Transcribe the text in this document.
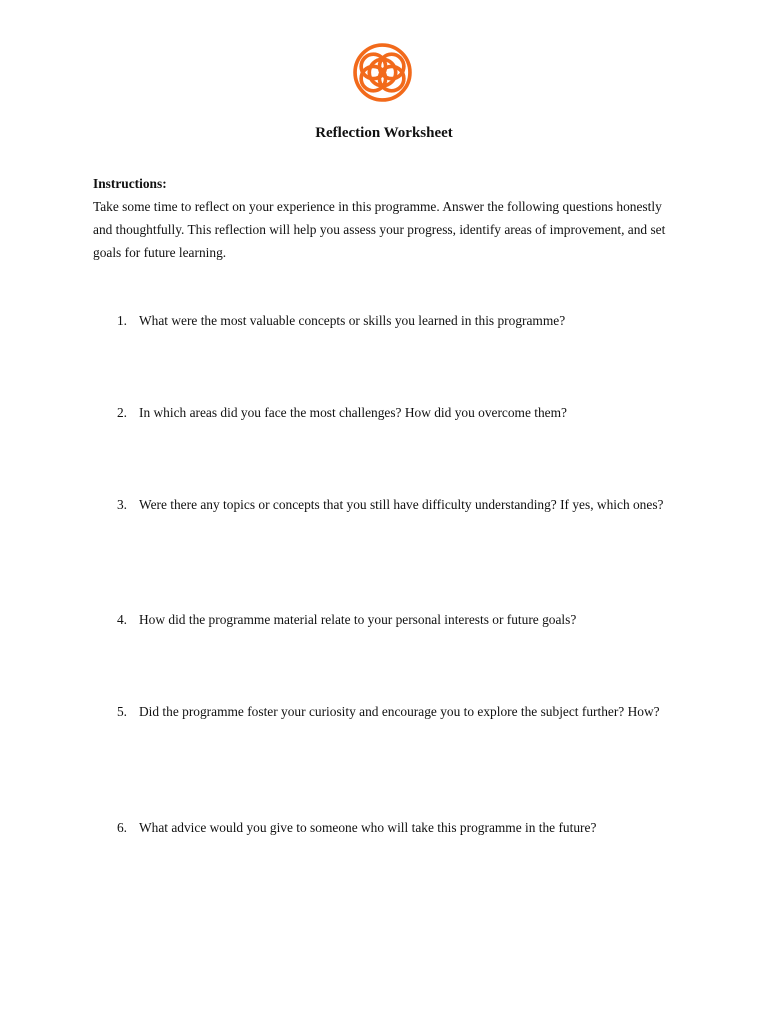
Reflection Worksheet
Instructions:
Take some time to reflect on your experience in this programme. Answer the following questions honestly and thoughtfully. This reflection will help you assess your progress, identify areas of improvement, and set goals for future learning.
1. What were the most valuable concepts or skills you learned in this programme?
2. In which areas did you face the most challenges? How did you overcome them?
3. Were there any topics or concepts that you still have difficulty understanding? If yes, which ones?
4. How did the programme material relate to your personal interests or future goals?
5. Did the programme foster your curiosity and encourage you to explore the subject further? How?
6. What advice would you give to someone who will take this programme in the future?
